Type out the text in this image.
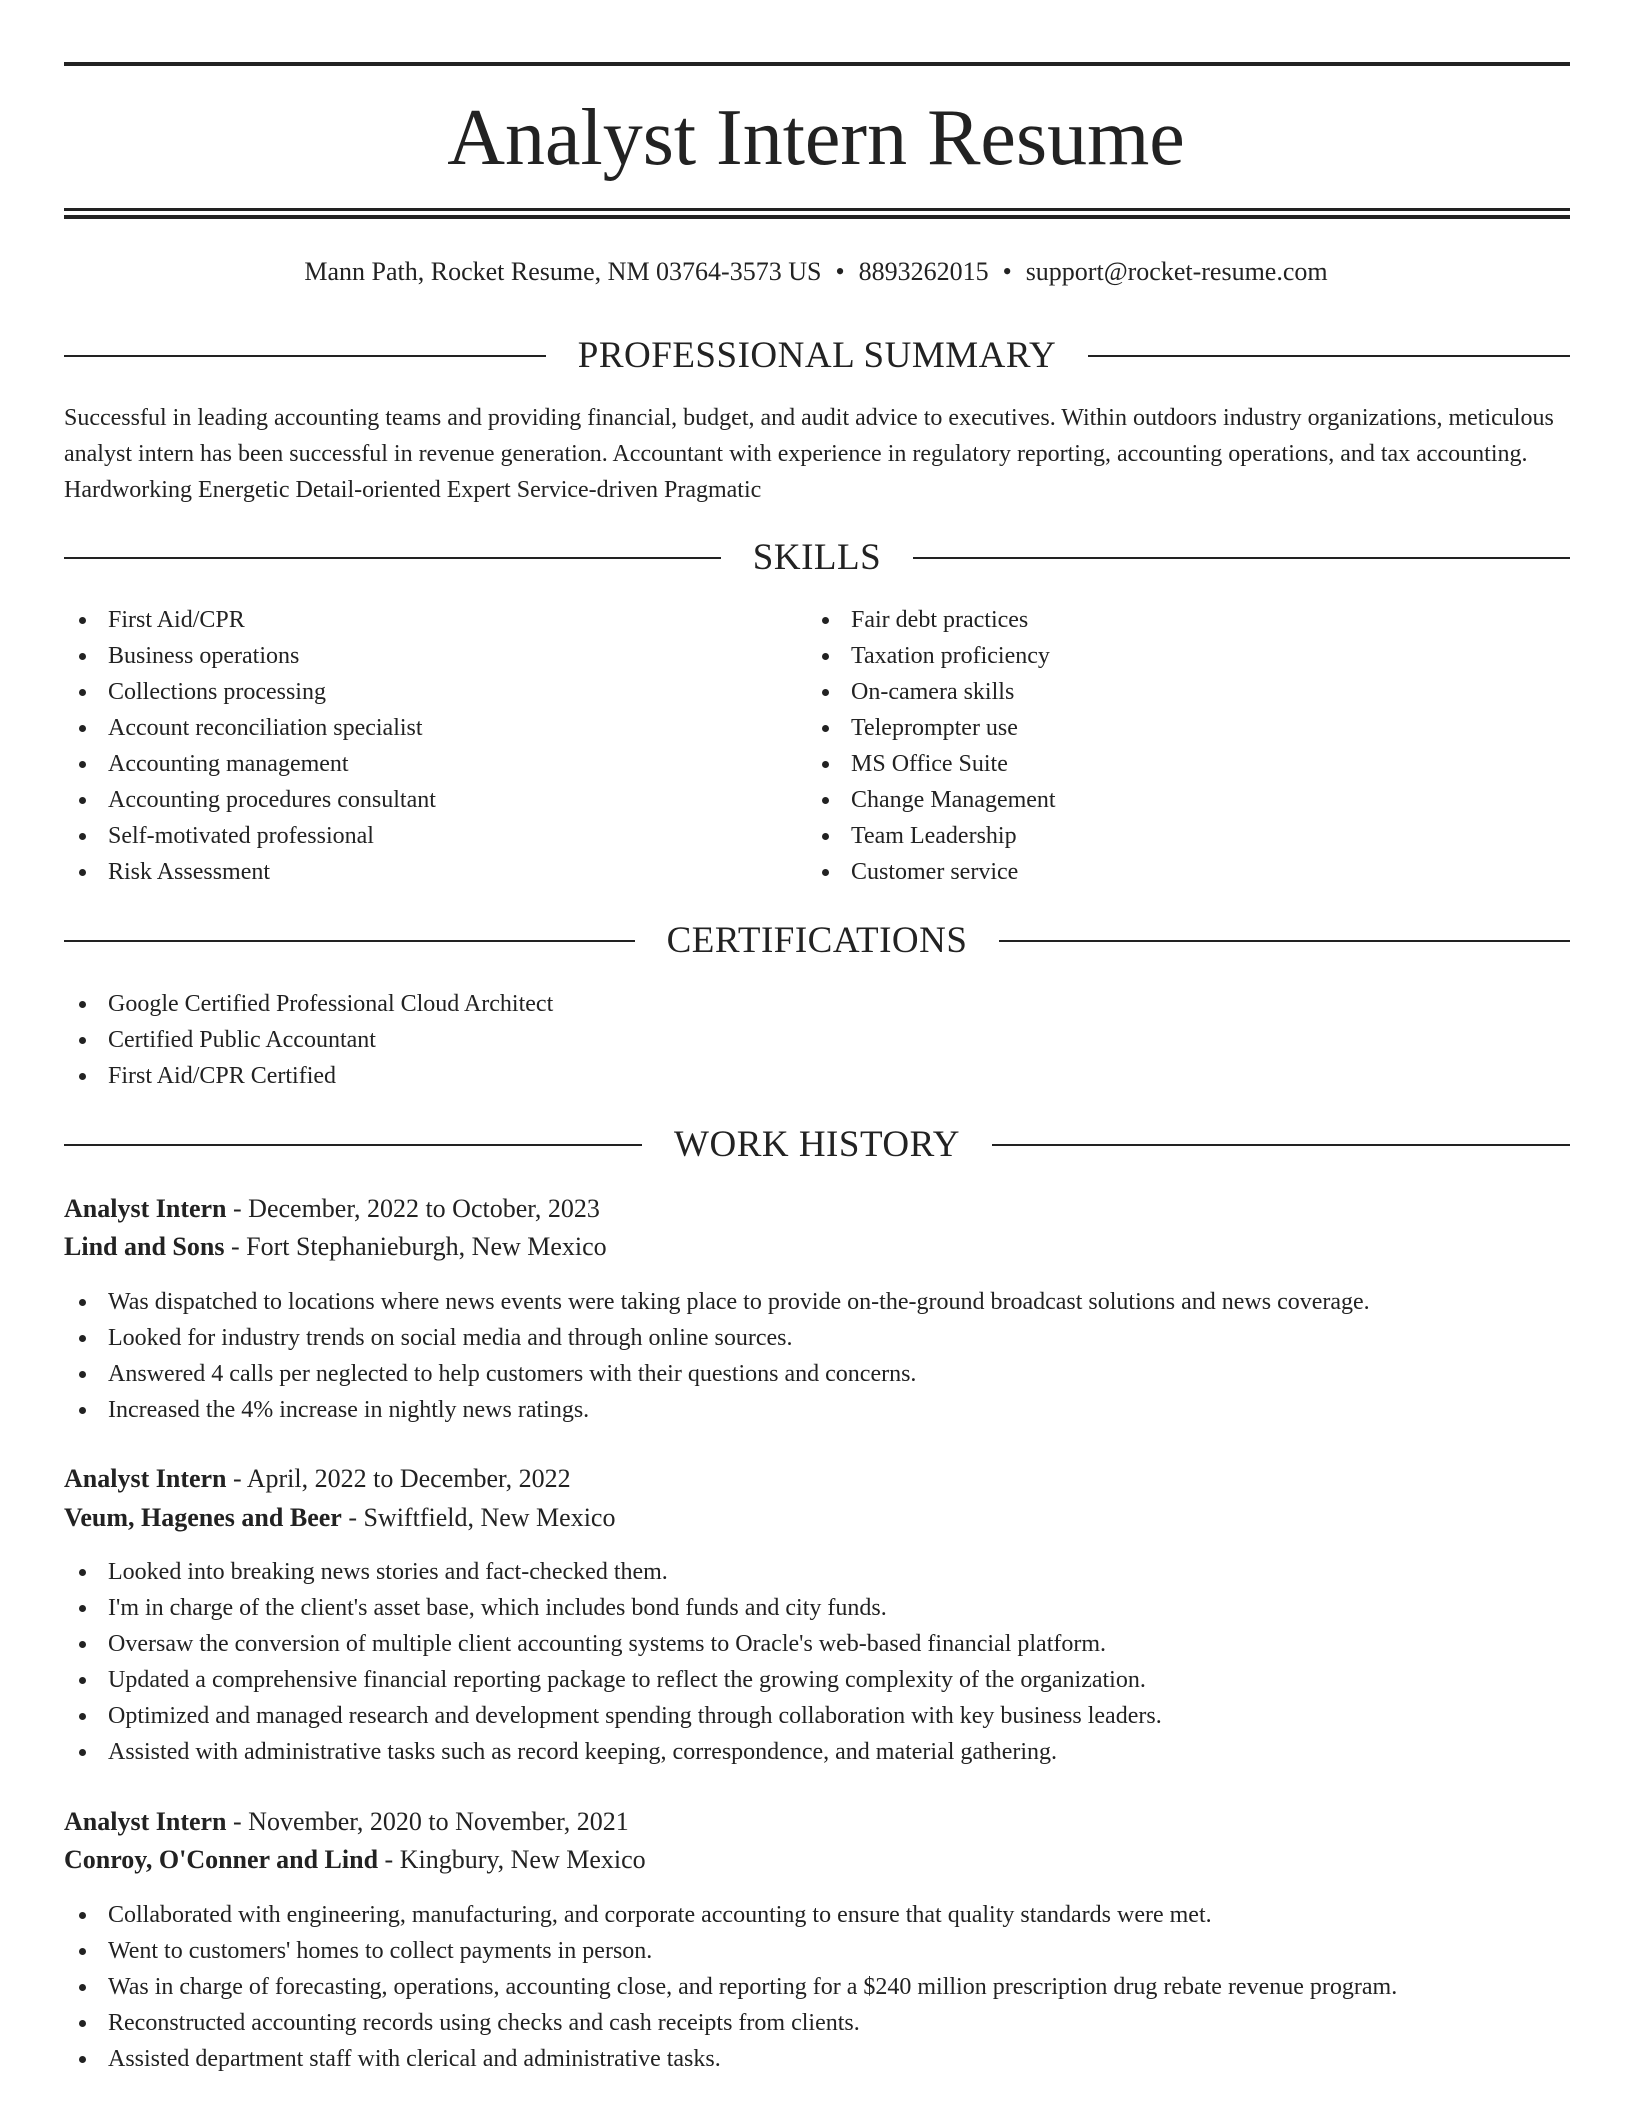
Analyst Intern Resume
Mann Path, Rocket Resume, NM 03764-3573 US • 8893262015 • support@rocket-resume.com
PROFESSIONAL SUMMARY

Successful in leading accounting teams and providing financial, budget, and audit advice to executives. Within outdoors industry organizations, meticulous analyst intern has been successful in revenue generation. Accountant with experience in regulatory reporting, accounting operations, and tax accounting. Hardworking Energetic Detail-oriented Expert Service-driven Pragmatic

SKILLS
First Aid/CPR
Business operations
Collections processing
Account reconciliation specialist
Accounting management
Accounting procedures consultant
Self-motivated professional
Risk Assessment
Fair debt practices
Taxation proficiency
On-camera skills
Teleprompter use
MS Office Suite
Change Management
Team Leadership
Customer service
CERTIFICATIONS
Google Certified Professional Cloud Architect
Certified Public Accountant
First Aid/CPR Certified
WORK HISTORY
Analyst Intern - December, 2022 to October, 2023
Lind and Sons - Fort Stephanieburgh, New Mexico
Was dispatched to locations where news events were taking place to provide on-the-ground broadcast solutions and news coverage.
Looked for industry trends on social media and through online sources.
Answered 4 calls per neglected to help customers with their questions and concerns.
Increased the 4% increase in nightly news ratings.
Analyst Intern - April, 2022 to December, 2022
Veum, Hagenes and Beer - Swiftfield, New Mexico
Looked into breaking news stories and fact-checked them.
I'm in charge of the client's asset base, which includes bond funds and city funds.
Oversaw the conversion of multiple client accounting systems to Oracle's web-based financial platform.
Updated a comprehensive financial reporting package to reflect the growing complexity of the organization.
Optimized and managed research and development spending through collaboration with key business leaders.
Assisted with administrative tasks such as record keeping, correspondence, and material gathering.
Analyst Intern - November, 2020 to November, 2021
Conroy, O'Conner and Lind - Kingbury, New Mexico
Collaborated with engineering, manufacturing, and corporate accounting to ensure that quality standards were met.
Went to customers' homes to collect payments in person.
Was in charge of forecasting, operations, accounting close, and reporting for a $240 million prescription drug rebate revenue program.
Reconstructed accounting records using checks and cash receipts from clients.
Assisted department staff with clerical and administrative tasks.
